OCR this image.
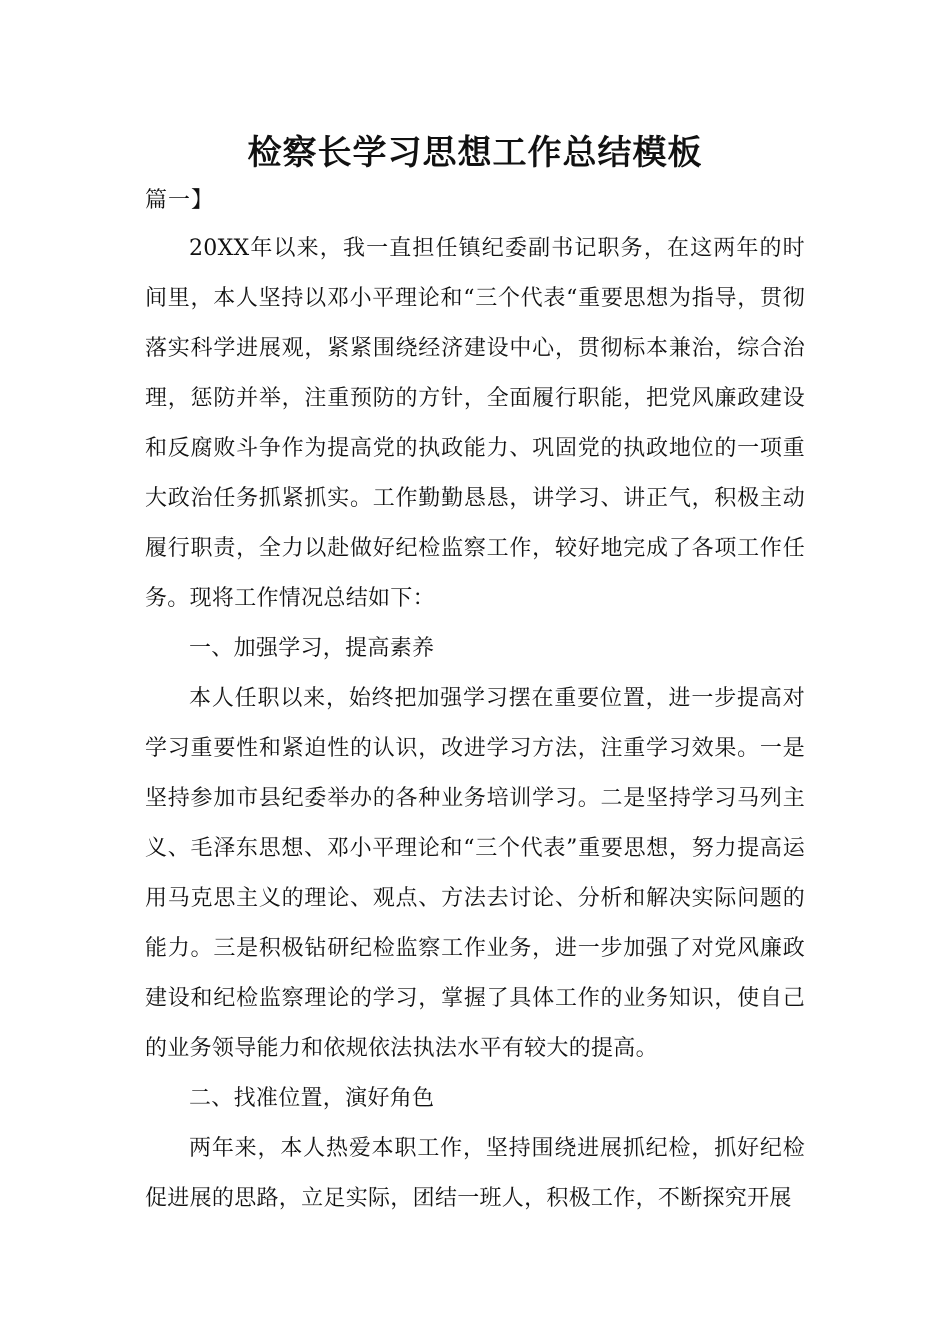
检察长学习思想工作总结模板
篇一】

20XX年以来，我一直担任镇纪委副书记职务，在这两年的时间里，本人坚持以邓小平理论和“三个代表“重要思想为指导，贯彻落实科学进展观，紧紧围绕经济建设中心，贯彻标本兼治，综合治理，惩防并举，注重预防的方针，全面履行职能，把党风廉政建设和反腐败斗争作为提高党的执政能力、巩固党的执政地位的一项重大政治任务抓紧抓实。工作勤勤恳恳，讲学习、讲正气，积极主动履行职责，全力以赴做好纪检监察工作，较好地完成了各项工作任务。现将工作情况总结如下：

一、加强学习，提高素养

本人任职以来，始终把加强学习摆在重要位置，进一步提高对学习重要性和紧迫性的认识，改进学习方法，注重学习效果。一是坚持参加市县纪委举办的各种业务培训学习。二是坚持学习马列主义、毛泽东思想、邓小平理论和“三个代表”重要思想，努力提高运用马克思主义的理论、观点、方法去讨论、分析和解决实际问题的能力。三是积极钻研纪检监察工作业务，进一步加强了对党风廉政建设和纪检监察理论的学习，掌握了具体工作的业务知识，使自己的业务领导能力和依规依法执法水平有较大的提高。

二、找准位置，演好角色

两年来，本人热爱本职工作，坚持围绕进展抓纪检，抓好纪检促进展的思路，立足实际，团结一班人，积极工作，不断探究开展
